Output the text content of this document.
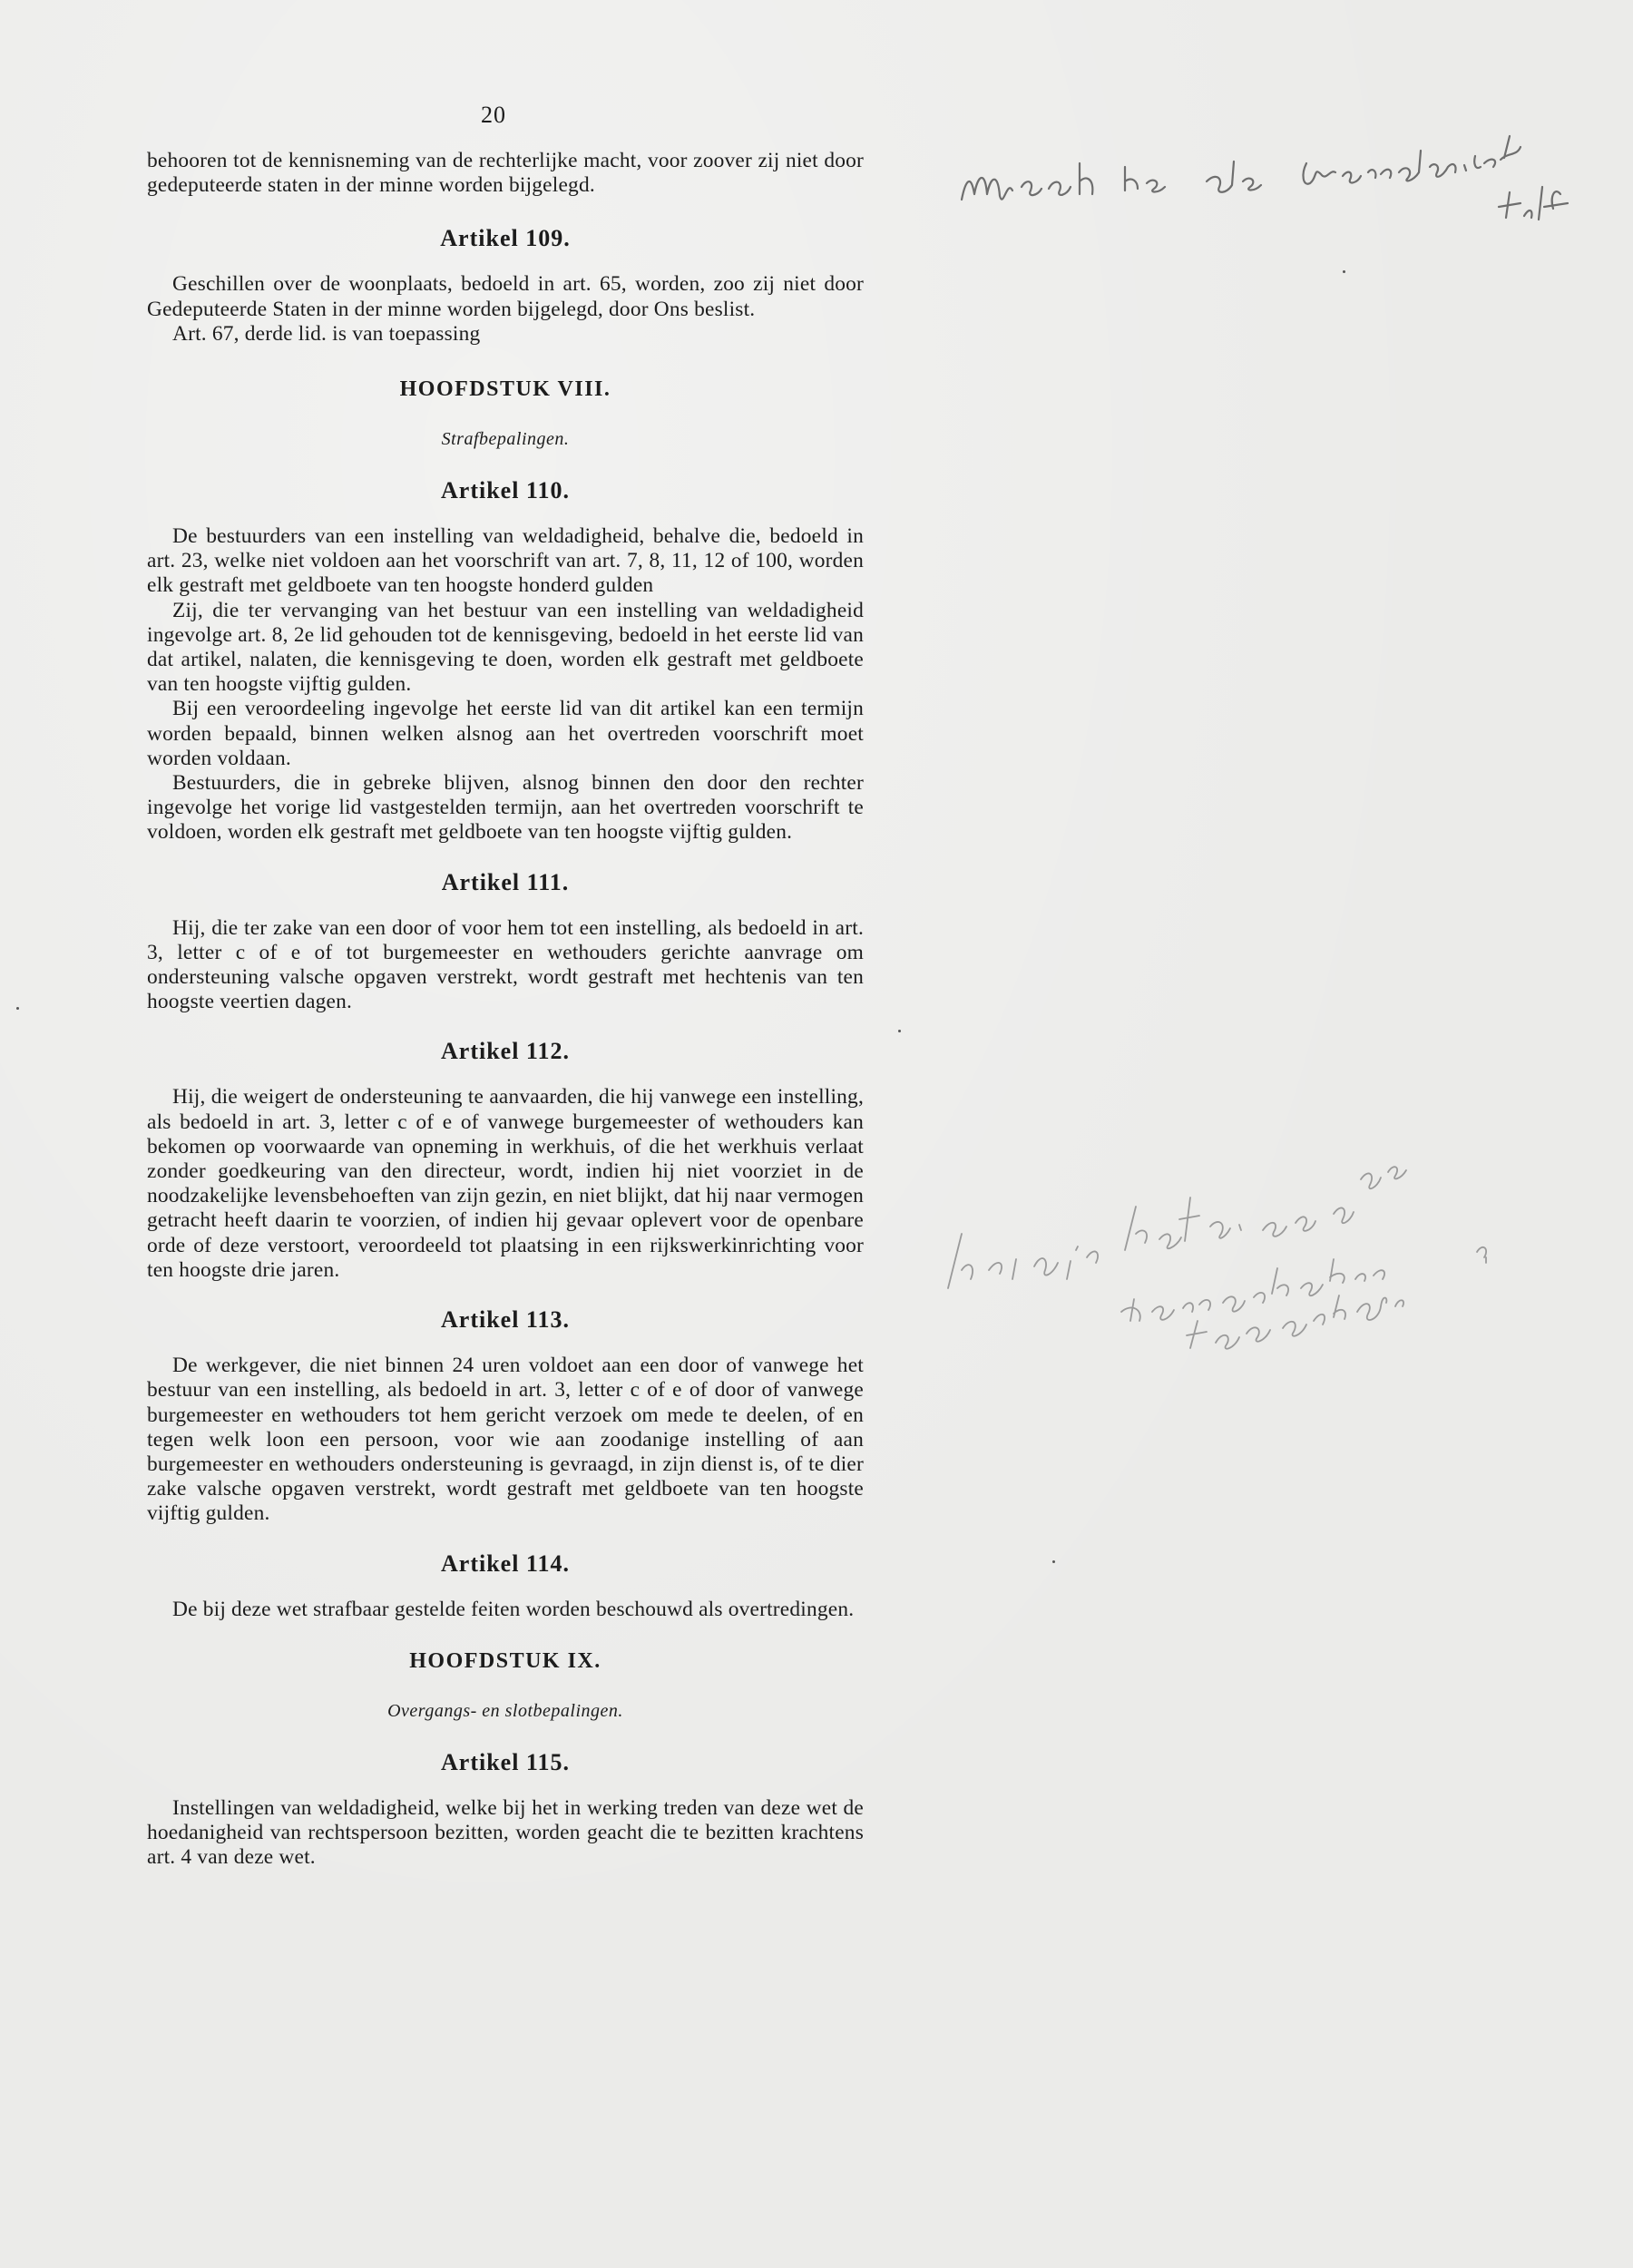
20

behooren tot de kennisneming van de rechterlijke macht, voor zoover zij niet door gedeputeerde staten in der minne worden bijgelegd.

Artikel 109.

Geschillen over de woonplaats, bedoeld in art. 65, worden, zoo zij niet door Gedeputeerde Staten in der minne worden bijgelegd, door Ons beslist.

Art. 67, derde lid. is van toepassing

HOOFDSTUK VIII.
Strafbepalingen.
Artikel 110.

De bestuurders van een instelling van weldadigheid, behalve die, bedoeld in art. 23, welke niet voldoen aan het voorschrift van art. 7, 8, 11, 12 of 100, worden elk gestraft met geldboete van ten hoogste honderd gulden

Zij, die ter vervanging van het bestuur van een instelling van weldadigheid ingevolge art. 8, 2e lid gehouden tot de kennisgeving, bedoeld in het eerste lid van dat artikel, nalaten, die kennisgeving te doen, worden elk gestraft met geldboete van ten hoogste vijftig gulden.

Bij een veroordeeling ingevolge het eerste lid van dit artikel kan een termijn worden bepaald, binnen welken alsnog aan het overtreden voorschrift moet worden voldaan.

Bestuurders, die in gebreke blijven, alsnog binnen den door den rechter ingevolge het vorige lid vastgestelden termijn, aan het overtreden voorschrift te voldoen, worden elk gestraft met geldboete van ten hoogste vijftig gulden.

Artikel 111.

Hij, die ter zake van een door of voor hem tot een instelling, als bedoeld in art. 3, letter c of e of tot burgemeester en wethouders gerichte aanvrage om ondersteuning valsche opgaven verstrekt, wordt gestraft met hechtenis van ten hoogste veertien dagen.

Artikel 112.

Hij, die weigert de ondersteuning te aanvaarden, die hij vanwege een instelling, als bedoeld in art. 3, letter c of e of vanwege burgemeester of wethouders kan bekomen op voorwaarde van opneming in werkhuis, of die het werkhuis verlaat zonder goedkeuring van den directeur, wordt, indien hij niet voorziet in de noodzakelijke levensbehoeften van zijn gezin, en niet blijkt, dat hij naar vermogen getracht heeft daarin te voorzien, of indien hij gevaar oplevert voor de openbare orde of deze verstoort, veroordeeld tot plaatsing in een rijkswerkinrichting voor ten hoogste drie jaren.

Artikel 113.

De werkgever, die niet binnen 24 uren voldoet aan een door of vanwege het bestuur van een instelling, als bedoeld in art. 3, letter c of e of door of vanwege burgemeester en wethouders tot hem gericht verzoek om mede te deelen, of en tegen welk loon een persoon, voor wie aan zoodanige instelling of aan burgemeester en wethouders ondersteuning is gevraagd, in zijn dienst is, of te dier zake valsche opgaven verstrekt, wordt gestraft met geldboete van ten hoogste vijftig gulden.

Artikel 114.

De bij deze wet strafbaar gestelde feiten worden beschouwd als overtredingen.

HOOFDSTUK IX.
Overgangs- en slotbepalingen.
Artikel 115.

Instellingen van weldadigheid, welke bij het in werking treden van deze wet de hoedanigheid van rechtspersoon bezitten, worden geacht die te bezitten krachtens art. 4 van deze wet.
